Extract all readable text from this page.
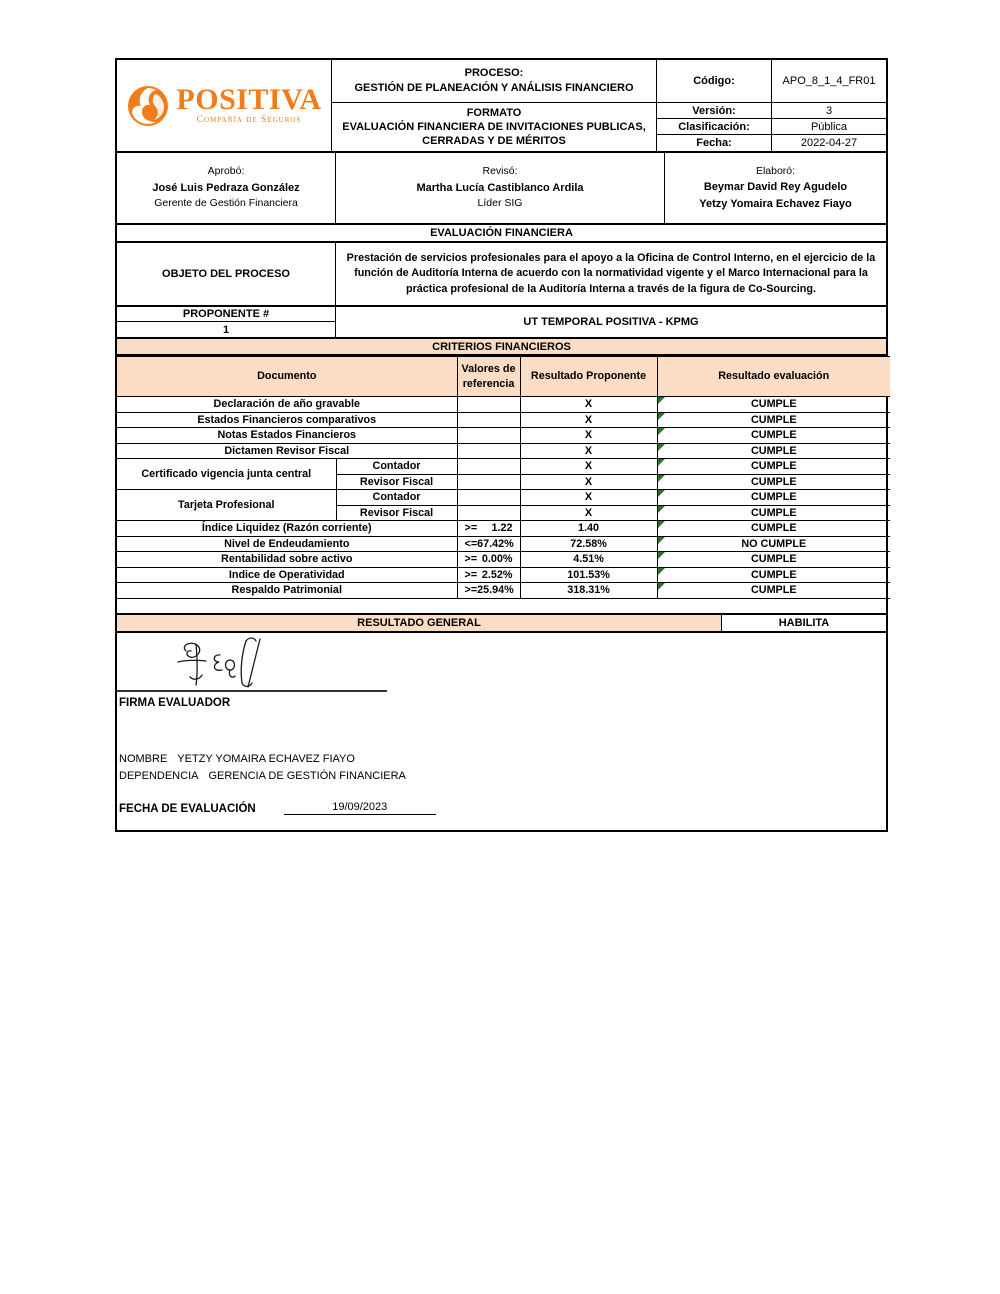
POSITIVA
Compañía de Seguros
PROCESO:
GESTIÓN DE PLANEACIÓN Y ANÁLISIS FINANCIERO
Código:	APO_8_1_4_FR01
FORMATO
EVALUACIÓN FINANCIERA DE INVITACIONES PUBLICAS, CERRADAS Y DE MÉRITOS
Versión:	3
Clasificación:	Pública
Fecha:	2022-04-27
Aprobó:
José Luis Pedraza González
Gerente de Gestión Financiera
Revisó:
Martha Lucía Castiblanco Ardila
Líder SIG
Elaboró:
Beymar David Rey Agudelo
Yetzy Yomaira Echavez Fiayo
EVALUACIÓN FINANCIERA
OBJETO DEL PROCESO
Prestación de servicios profesionales para el apoyo a la Oficina de Control Interno, en el ejercicio de la función de Auditoría Interna de acuerdo con la normatividad vigente y el Marco Internacional para la práctica profesional de la Auditoría Interna a través de la figura de Co-Sourcing.
PROPONENTE #
1
UT TEMPORAL POSITIVA - KPMG
CRITERIOS FINANCIEROS
Documento		Valores de referencia	Resultado Proponente	Resultado evaluación
Declaración de año gravable			X	CUMPLE
Estados Financieros comparativos			X	CUMPLE
Notas Estados Financieros			X	CUMPLE
Dictamen Revisor Fiscal			X	CUMPLE
Certificado vigencia junta central	Contador		X	CUMPLE
	Revisor Fiscal		X	CUMPLE
Tarjeta Profesional	Contador		X	CUMPLE
	Revisor Fiscal		X	CUMPLE
Índice Liquidez (Razón corriente)		>= 1.22	1.40	CUMPLE
Nivel de Endeudamiento		<= 67.42%	72.58%	NO CUMPLE
Rentabilidad sobre activo		>= 0.00%	4.51%	CUMPLE
Indice de Operatividad		>= 2.52%	101.53%	CUMPLE
Respaldo Patrimonial		>= 25.94%	318.31%	CUMPLE
RESULTADO GENERAL	HABILITA
FIRMA EVALUADOR
NOMBRE YETZY YOMAIRA ECHAVEZ FIAYO
DEPENDENCIA GERENCIA DE GESTIÓN FINANCIERA
FECHA DE EVALUACIÓN	19/09/2023
